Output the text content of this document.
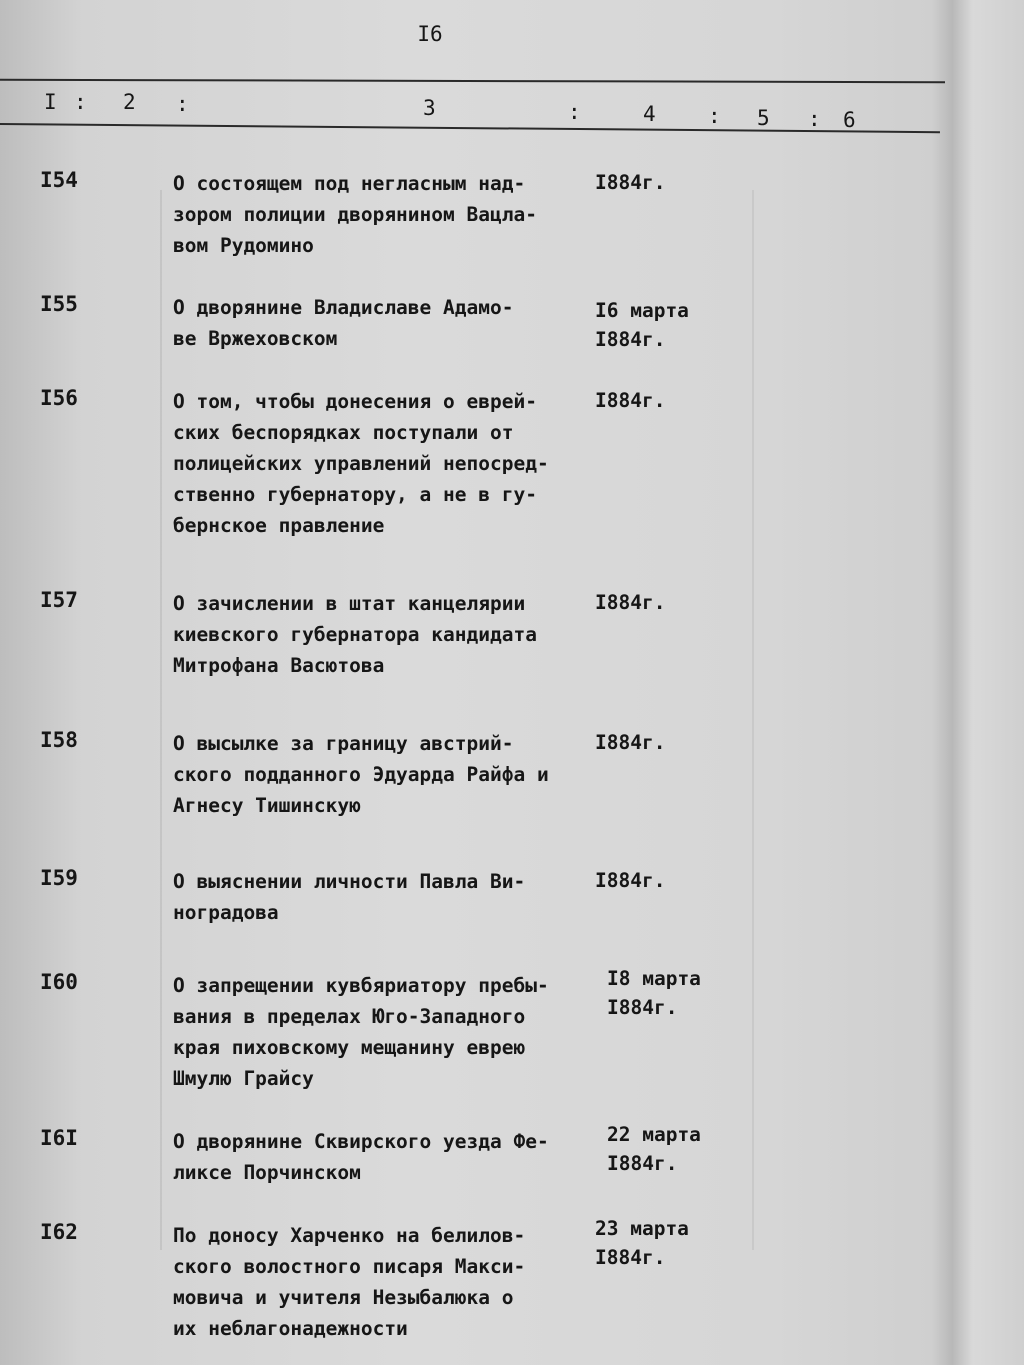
I6
I : 2 :	3	:	4 : 5 : 6
I54	О состоящем под негласным над-
зором полиции дворянином Вацла-
вом Рудомино
I884г.
I55	О дворянине Владиславе Адамо-
ве Вржеховском
I6 марта
I884г.
I56	О том, чтобы донесения о еврей-
ских беспорядках поступали от
полицейских управлений непосред-
ственно губернатору, а не в гу-
бернское правление
I884г.
I57	О зачислении в штат канцелярии
киевского губернатора кандидата
Митрофана Васютова
I884г.
I58	О высылке за границу австрий-
ского подданного Эдуарда Райфа и
Агнесу Тишинскую
I884г.
I59	О выяснении личности Павла Ви-
ноградова
I884г.
I60	О запрещении кувбяриатору пребы-
вания в пределах Юго-Западного
края пиховскому мещанину еврею
Шмулю Грайсу
I8 марта
I884г.
I6I	О дворянине Сквирского уезда Фе-
ликсе Порчинском
22 марта
I884г.
I62	По доносу Харченко на белилов-
ского волостного писаря Макси-
мовича и учителя Незыбалюка о
их неблагонадежности
23 марта
I884г.
